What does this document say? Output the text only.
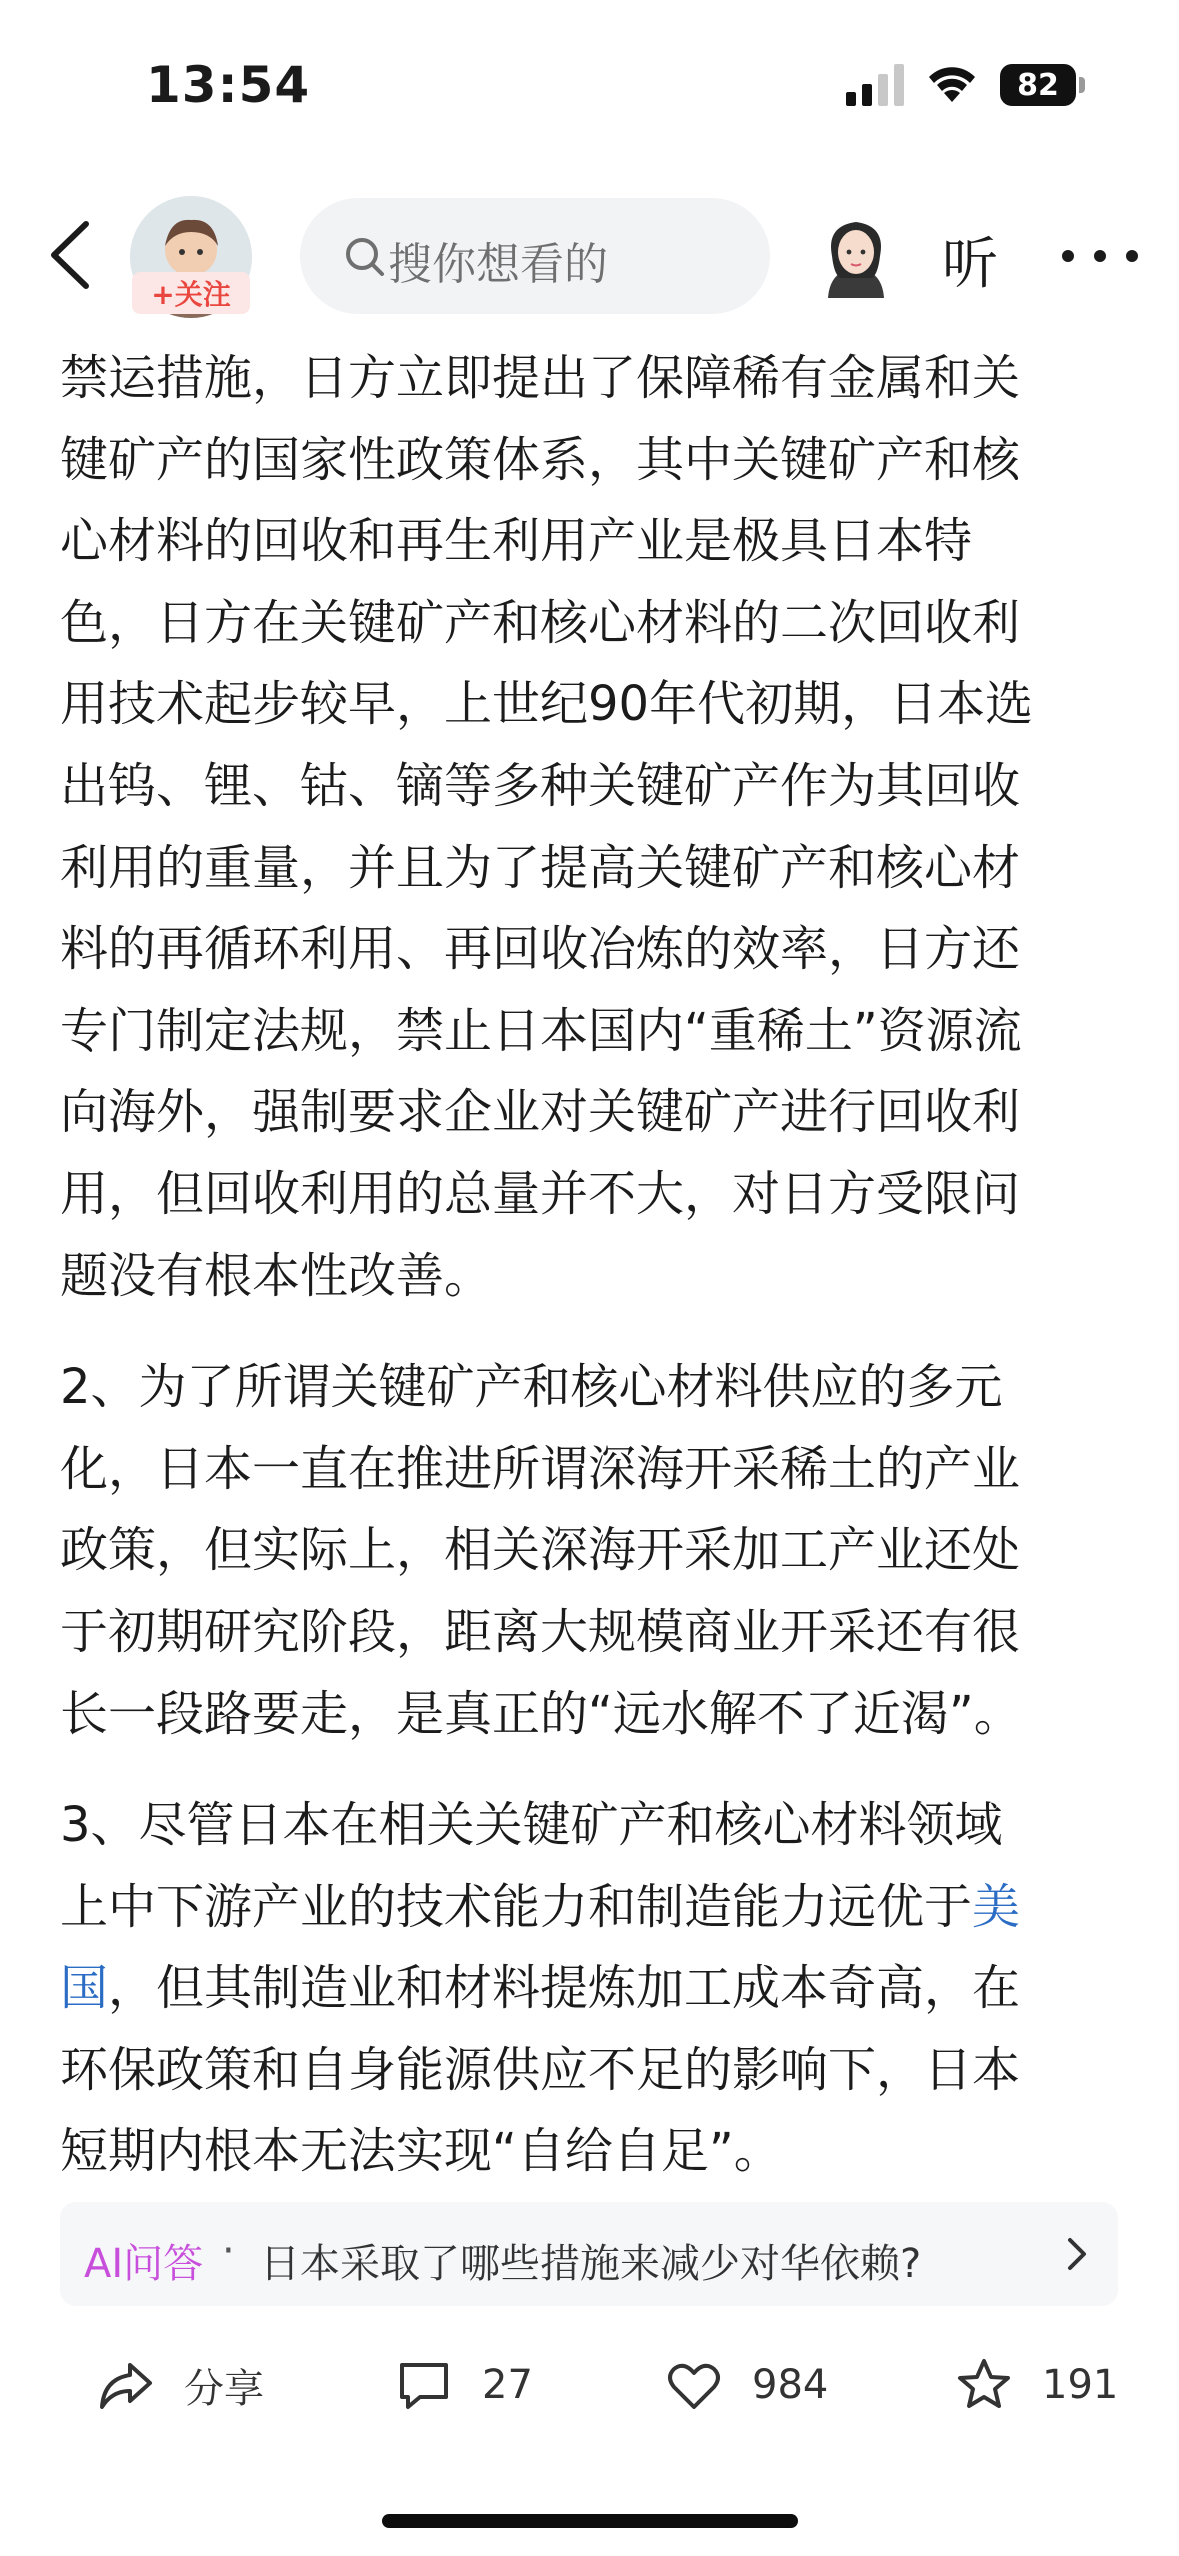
13:54	82
+关注
搜你想看的	听

禁运措施，日方立即提出了保障稀有金属和关
键矿产的国家性政策体系，其中关键矿产和核
心材料的回收和再生利用产业是极具日本特
色，日方在关键矿产和核心材料的二次回收利
用技术起步较早，上世纪90年代初期，日本选
出钨、锂、钴、镝等多种关键矿产作为其回收
利用的重量，并且为了提高关键矿产和核心材
料的再循环利用、再回收冶炼的效率，日方还
专门制定法规，禁止日本国内“重稀土”资源流
向海外，强制要求企业对关键矿产进行回收利
用，但回收利用的总量并不大，对日方受限问
题没有根本性改善。

2、为了所谓关键矿产和核心材料供应的多元
化，日本一直在推进所谓深海开采稀土的产业
政策，但实际上，相关深海开采加工产业还处
于初期研究阶段，距离大规模商业开采还有很
长一段路要走，是真正的“远水解不了近渴”。

3、尽管日本在相关关键矿产和核心材料领域
上中下游产业的技术能力和制造能力远优于美
国，但其制造业和材料提炼加工成本奇高，在
环保政策和自身能源供应不足的影响下，日本
短期内根本无法实现“自给自足”。

AI问答 · 日本采取了哪些措施来减少对华依赖?
分享	27	984	191
